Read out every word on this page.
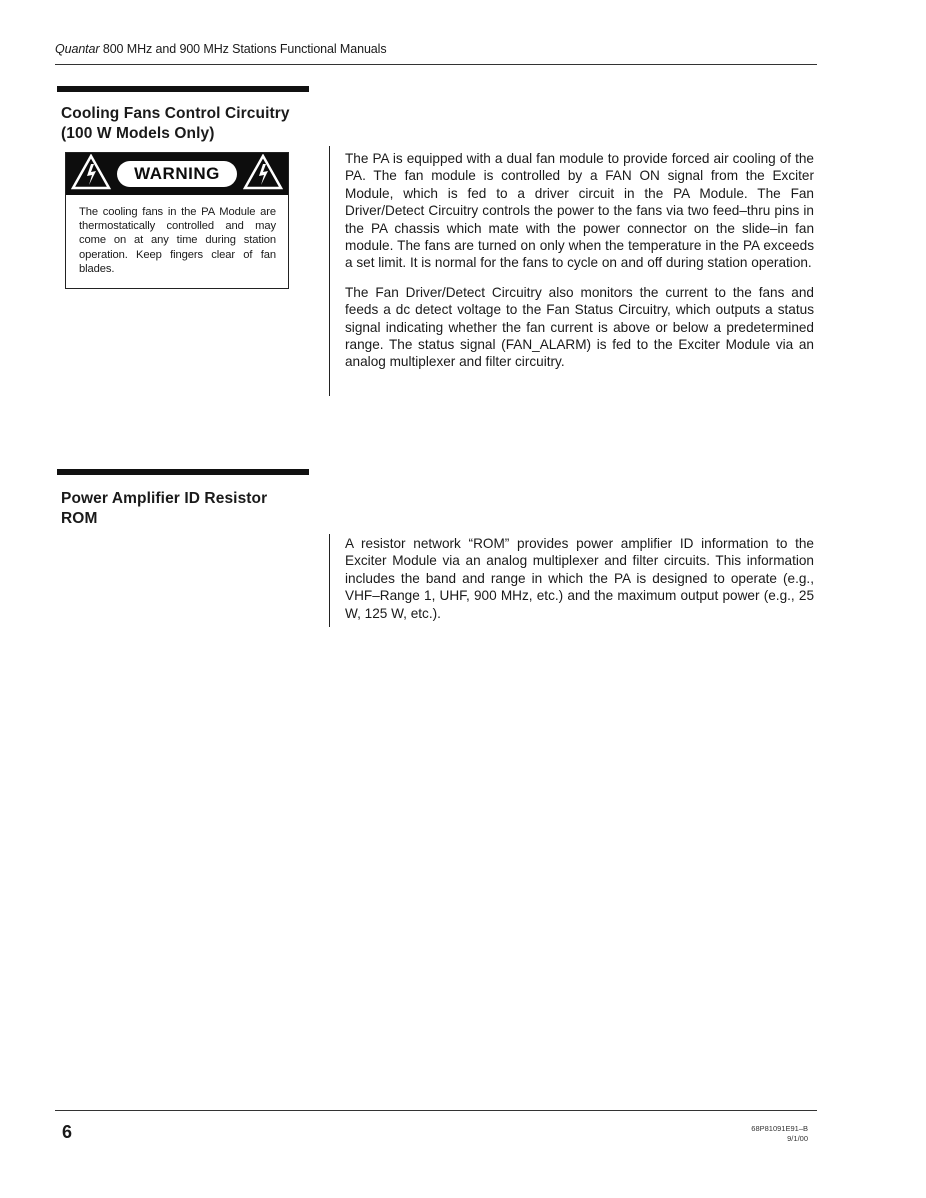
Quantar 800 MHz and 900 MHz Stations Functional Manuals
Cooling Fans Control Circuitry
(100 W Models Only)
WARNING
The cooling fans in the PA Module are thermostatically controlled and may come on at any time during station operation. Keep fingers clear of fan blades.

The PA is equipped with a dual fan module to provide forced air cooling of the PA. The fan module is controlled by a FAN ON signal from the Exciter Module, which is fed to a driver circuit in the PA Module. The Fan Driver/Detect Circuitry controls the power to the fans via two feed–thru pins in the PA chassis which mate with the power connector on the slide–in fan module. The fans are turned on only when the temperature in the PA exceeds a set limit. It is normal for the fans to cycle on and off during station operation.

The Fan Driver/Detect Circuitry also monitors the current to the fans and feeds a dc detect voltage to the Fan Status Circuitry, which outputs a status signal indicating whether the fan current is above or below a predetermined range. The status signal (FAN_ALARM) is fed to the Exciter Module via an analog multiplexer and filter circuitry.

Power Amplifier ID Resistor
ROM

A resistor network “ROM” provides power amplifier ID information to the Exciter Module via an analog multiplexer and filter circuits. This information includes the band and range in which the PA is designed to operate (e.g., VHF–Range 1, UHF, 900 MHz, etc.) and the maximum output power (e.g., 25 W, 125 W, etc.).

6	68P81091E91–B
9/1/00
